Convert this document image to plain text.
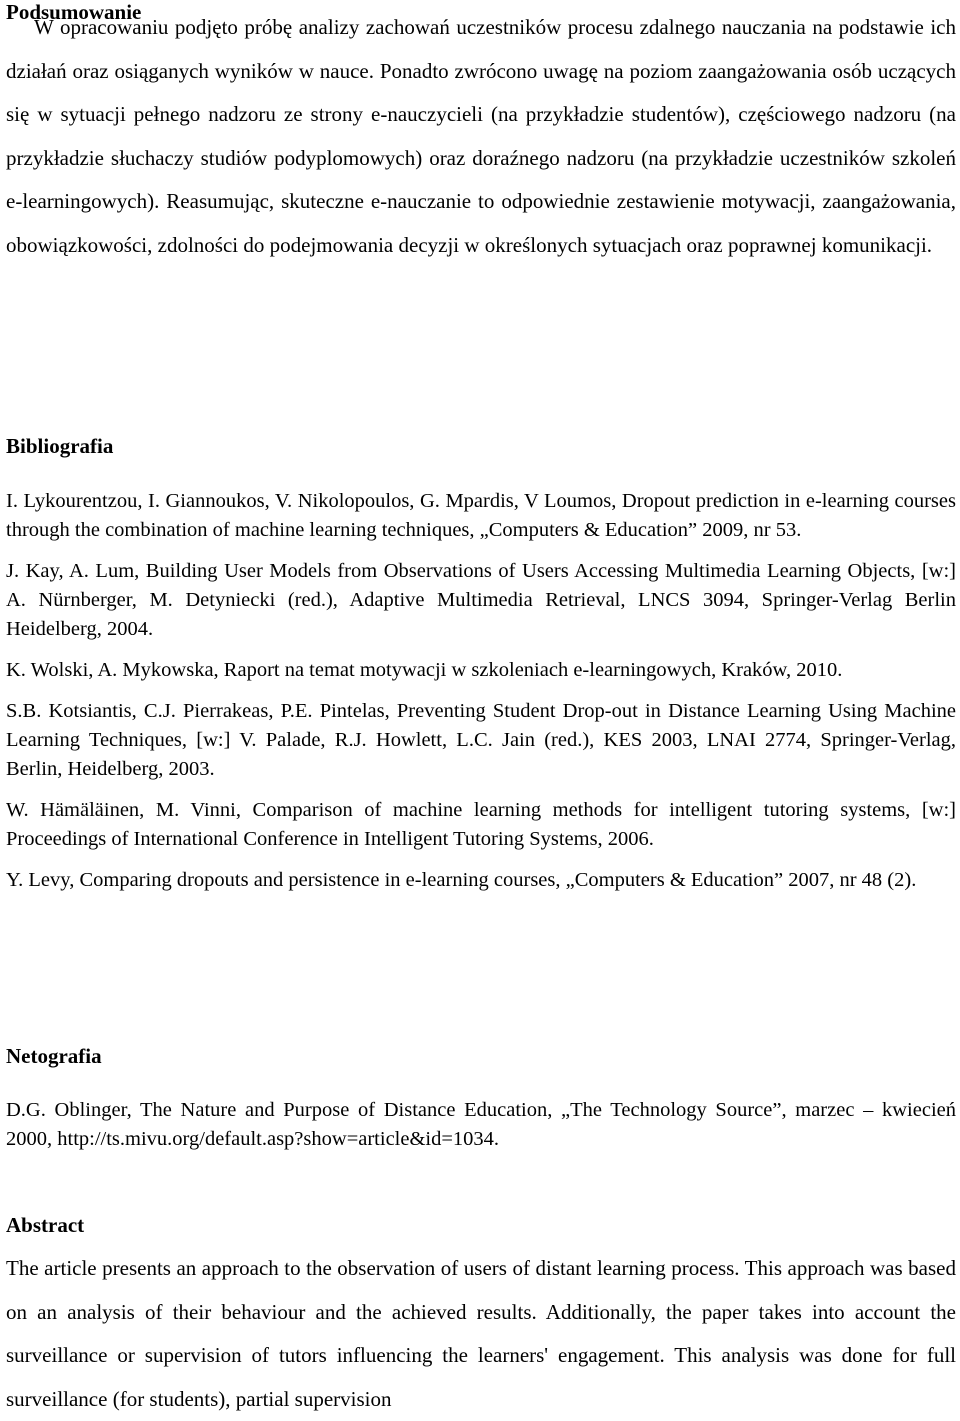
Podsumowanie

W opracowaniu podjęto próbę analizy zachowań uczestników procesu zdalnego nauczania na podstawie ich działań oraz osiąganych wyników w nauce. Ponadto zwrócono uwagę na poziom zaangażowania osób uczących się w sytuacji pełnego nadzoru ze strony e-nauczycieli (na przykładzie studentów), częściowego nadzoru (na przykładzie słuchaczy studiów podyplomowych) oraz doraźnego nadzoru (na przykładzie uczestników szkoleń e-learningowych). Reasumując, skuteczne e-nauczanie to odpowiednie zestawienie motywacji, zaangażowania, obowiązkowości, zdolności do podejmowania decyzji w określonych sytuacjach oraz poprawnej komunikacji.

Bibliografia

I. Lykourentzou, I. Giannoukos, V. Nikolopoulos, G. Mpardis, V Loumos, Dropout prediction in e-learning courses through the combination of machine learning techniques, „Computers & Education” 2009, nr 53.

J. Kay, A. Lum, Building User Models from Observations of Users Accessing Multimedia Learning Objects, [w:] A. Nürnberger, M. Detyniecki (red.), Adaptive Multimedia Retrieval, LNCS 3094, Springer-Verlag Berlin Heidelberg, 2004.

K. Wolski, A. Mykowska, Raport na temat motywacji w szkoleniach e-learningowych, Kraków, 2010.

S.B. Kotsiantis, C.J. Pierrakeas, P.E. Pintelas, Preventing Student Drop-out in Distance Learning Using Machine Learning Techniques, [w:] V. Palade, R.J. Howlett, L.C. Jain (red.), KES 2003, LNAI 2774, Springer-Verlag, Berlin, Heidelberg, 2003.

W. Hämäläinen, M. Vinni, Comparison of machine learning methods for intelligent tutoring systems, [w:] Proceedings of International Conference in Intelligent Tutoring Systems, 2006.

Y. Levy, Comparing dropouts and persistence in e-learning courses, „Computers & Education” 2007, nr 48 (2).

Netografia

D.G. Oblinger, The Nature and Purpose of Distance Education, „The Technology Source”, marzec – kwiecień 2000, http://ts.mivu.org/default.asp?show=article&id=1034.

Abstract

The article presents an approach to the observation of users of distant learning process. This approach was based on an analysis of their behaviour and the achieved results. Additionally, the paper takes into account the surveillance or supervision of tutors influencing the learners' engagement. This analysis was done for full surveillance (for students), partial supervision
